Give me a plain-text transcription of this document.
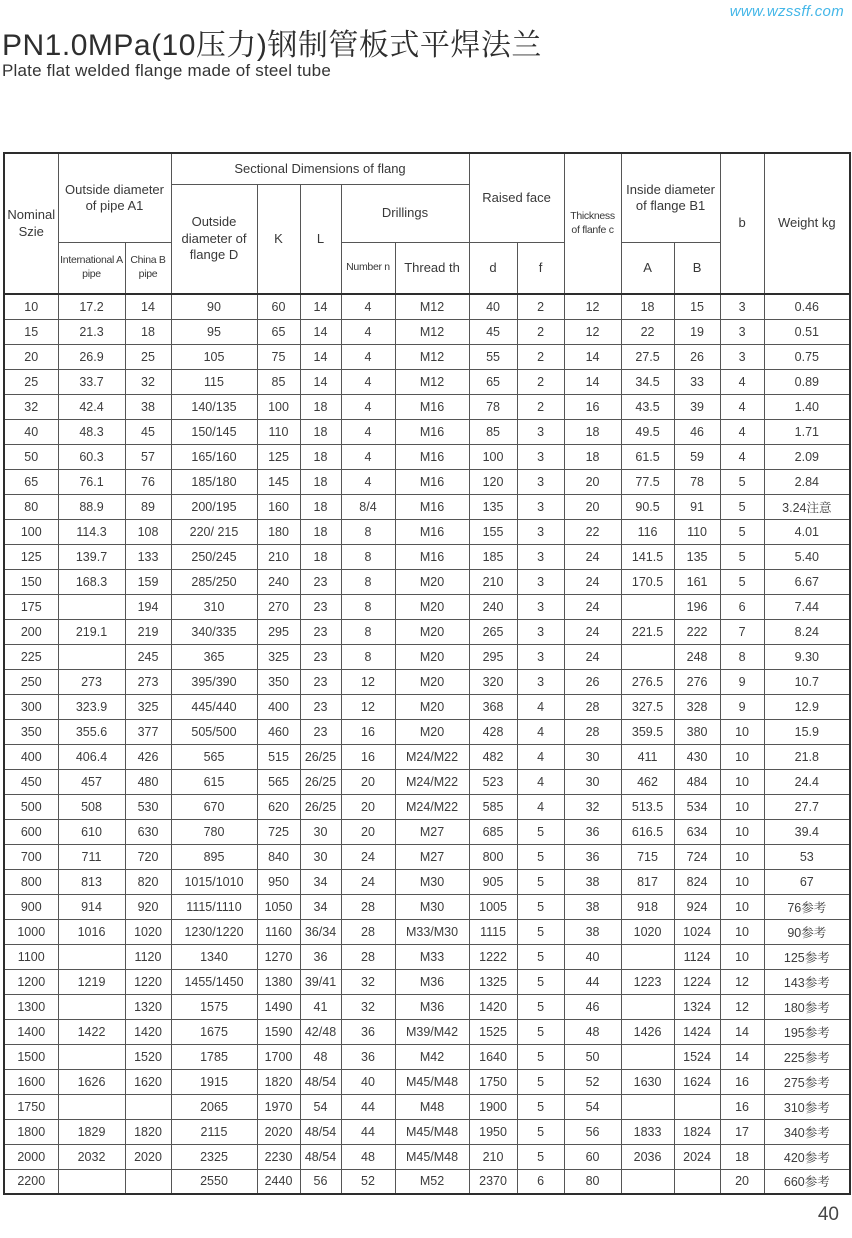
www.wzssff.com
PN1.0MPa(10压力)钢制管板式平焊法兰
Plate flat welded flange made of steel tube
Nominal Szie	Outside diameter of pipe A1		Sectional Dimensions of flang					Raised face		Thickness of flanfe c	Inside diameter of flange B1		b	Weight kg
			Outside diameter of flange D	K	L	Drillings								
	International A pipe	China B pipe				Number n	Thread th	d	f		A	B		
10	17.2	14	90	60	14	4	M12	40	2	12	18	15	3	0.46
15	21.3	18	95	65	14	4	M12	45	2	12	22	19	3	0.51
20	26.9	25	105	75	14	4	M12	55	2	14	27.5	26	3	0.75
25	33.7	32	115	85	14	4	M12	65	2	14	34.5	33	4	0.89
32	42.4	38	140/135	100	18	4	M16	78	2	16	43.5	39	4	1.40
40	48.3	45	150/145	110	18	4	M16	85	3	18	49.5	46	4	1.71
50	60.3	57	165/160	125	18	4	M16	100	3	18	61.5	59	4	2.09
65	76.1	76	185/180	145	18	4	M16	120	3	20	77.5	78	5	2.84
80	88.9	89	200/195	160	18	8/4	M16	135	3	20	90.5	91	5	3.24注意
100	114.3	108	220/ 215	180	18	8	M16	155	3	22	116	110	5	4.01
125	139.7	133	250/245	210	18	8	M16	185	3	24	141.5	135	5	5.40
150	168.3	159	285/250	240	23	8	M20	210	3	24	170.5	161	5	6.67
175		194	310	270	23	8	M20	240	3	24		196	6	7.44
200	219.1	219	340/335	295	23	8	M20	265	3	24	221.5	222	7	8.24
225		245	365	325	23	8	M20	295	3	24		248	8	9.30
250	273	273	395/390	350	23	12	M20	320	3	26	276.5	276	9	10.7
300	323.9	325	445/440	400	23	12	M20	368	4	28	327.5	328	9	12.9
350	355.6	377	505/500	460	23	16	M20	428	4	28	359.5	380	10	15.9
400	406.4	426	565	515	26/25	16	M24/M22	482	4	30	411	430	10	21.8
450	457	480	615	565	26/25	20	M24/M22	523	4	30	462	484	10	24.4
500	508	530	670	620	26/25	20	M24/M22	585	4	32	513.5	534	10	27.7
600	610	630	780	725	30	20	M27	685	5	36	616.5	634	10	39.4
700	711	720	895	840	30	24	M27	800	5	36	715	724	10	53
800	813	820	1015/1010	950	34	24	M30	905	5	38	817	824	10	67
900	914	920	1115/1110	1050	34	28	M30	1005	5	38	918	924	10	76参考
1000	1016	1020	1230/1220	1160	36/34	28	M33/M30	1115	5	38	1020	1024	10	90参考
1100		1120	1340	1270	36	28	M33	1222	5	40		1124	10	125参考
1200	1219	1220	1455/1450	1380	39/41	32	M36	1325	5	44	1223	1224	12	143参考
1300		1320	1575	1490	41	32	M36	1420	5	46		1324	12	180参考
1400	1422	1420	1675	1590	42/48	36	M39/M42	1525	5	48	1426	1424	14	195参考
1500		1520	1785	1700	48	36	M42	1640	5	50		1524	14	225参考
1600	1626	1620	1915	1820	48/54	40	M45/M48	1750	5	52	1630	1624	16	275参考
1750			2065	1970	54	44	M48	1900	5	54			16	310参考
1800	1829	1820	2115	2020	48/54	44	M45/M48	1950	5	56	1833	1824	17	340参考
2000	2032	2020	2325	2230	48/54	48	M45/M48	210	5	60	2036	2024	18	420参考
2200			2550	2440	56	52	M52	2370	6	80			20	660参考
40
